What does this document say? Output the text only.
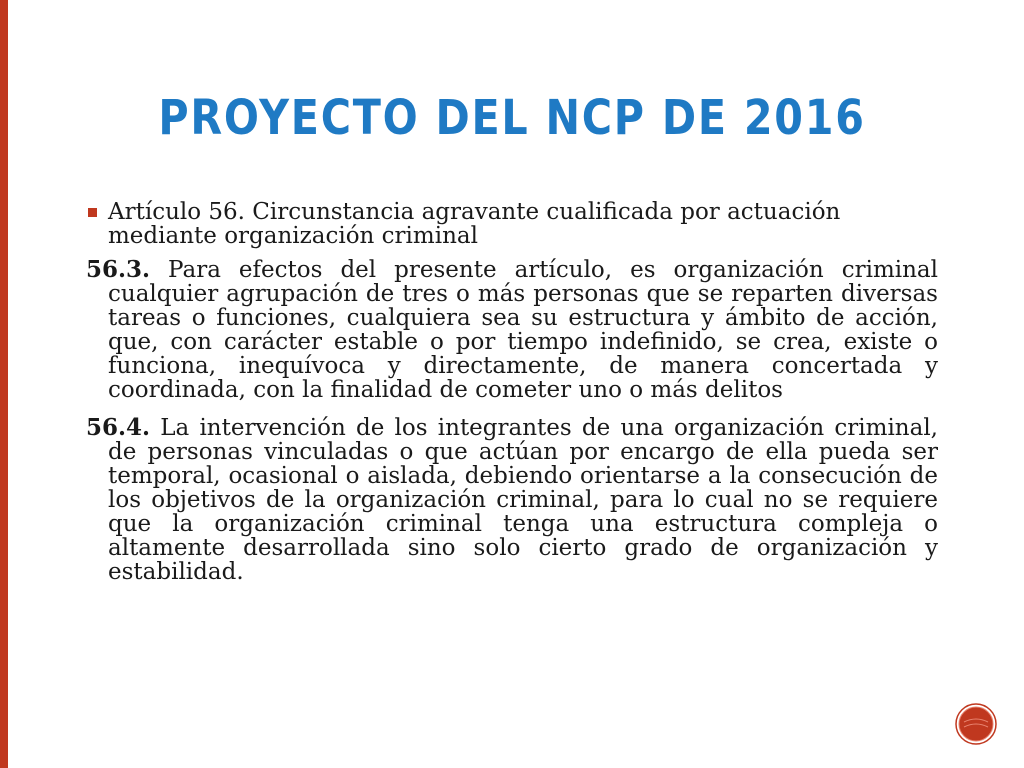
PROYECTO DEL NCP DE 2016
Artículo 56. Circunstancia agravante cualificada por actuación mediante organización criminal
56.3. Para efectos del presente artículo, es organización criminal cualquier agrupación de tres o más personas que se reparten diversas tareas o funciones, cualquiera sea su estructura y ámbito de acción, que, con carácter estable o por tiempo indefinido, se crea, existe o funciona, inequívoca y directamente, de manera concertada y coordinada, con la finalidad de cometer uno o más delitos
56.4. La intervención de los integrantes de una organización criminal, de personas vinculadas o que actúan por encargo de ella pueda ser temporal, ocasional o aislada, debiendo orientarse a la consecución de los objetivos de la organización criminal, para lo cual no se requiere que la organización criminal tenga una estructura compleja o altamente desarrollada sino solo cierto grado de organización y estabilidad.
